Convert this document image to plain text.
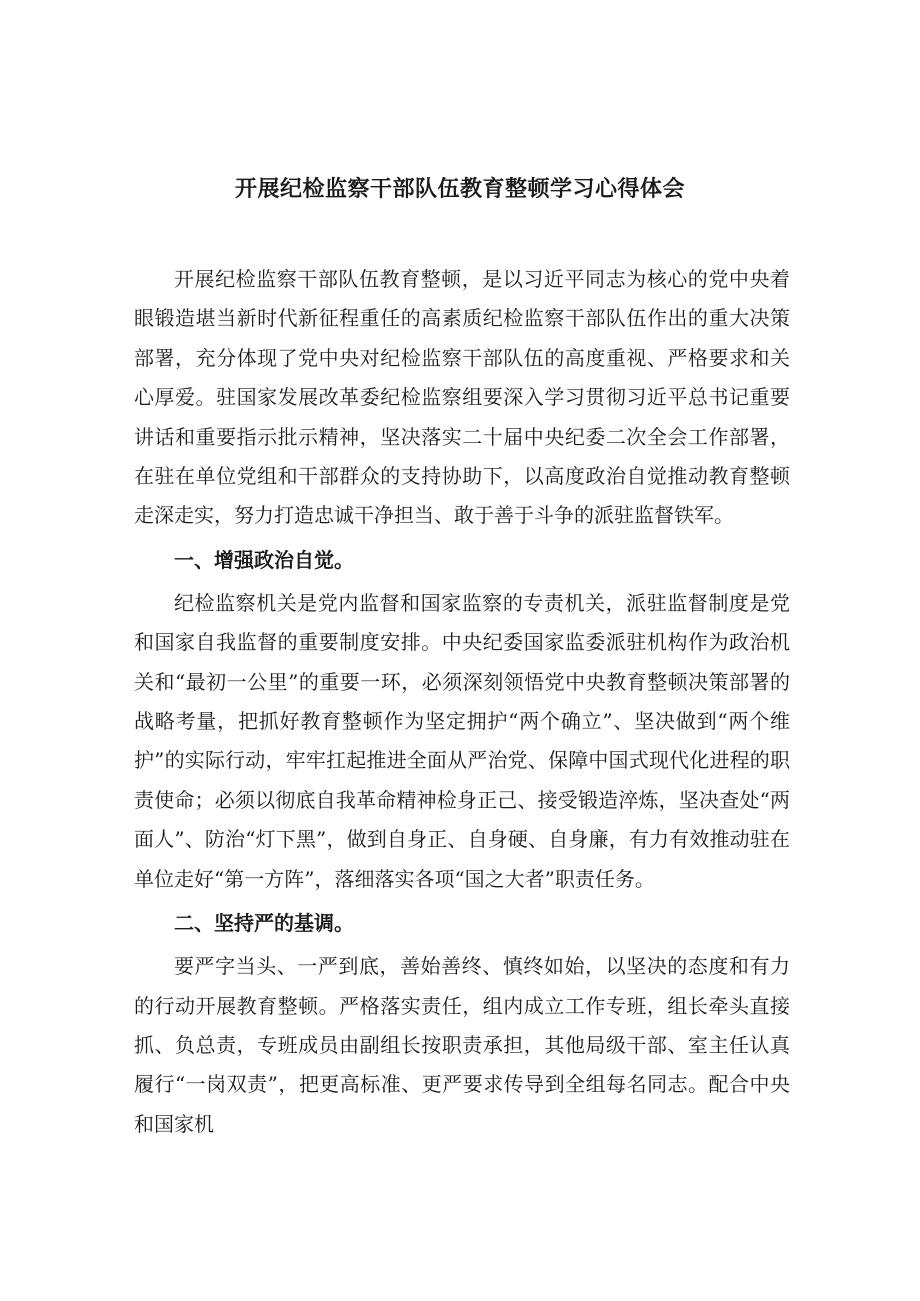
开展纪检监察干部队伍教育整顿学习心得体会

开展纪检监察干部队伍教育整顿，是以习近平同志为核心的党中央着眼锻造堪当新时代新征程重任的高素质纪检监察干部队伍作出的重大决策部署，充分体现了党中央对纪检监察干部队伍的高度重视、严格要求和关心厚爱。驻国家发展改革委纪检监察组要深入学习贯彻习近平总书记重要讲话和重要指示批示精神，坚决落实二十届中央纪委二次全会工作部署，在驻在单位党组和干部群众的支持协助下，以高度政治自觉推动教育整顿走深走实，努力打造忠诚干净担当、敢于善于斗争的派驻监督铁军。

一、增强政治自觉。

纪检监察机关是党内监督和国家监察的专责机关，派驻监督制度是党和国家自我监督的重要制度安排。中央纪委国家监委派驻机构作为政治机关和“最初一公里”的重要一环，必须深刻领悟党中央教育整顿决策部署的战略考量，把抓好教育整顿作为坚定拥护“两个确立”、坚决做到“两个维护”的实际行动，牢牢扛起推进全面从严治党、保障中国式现代化进程的职责使命；必须以彻底自我革命精神检身正己、接受锻造淬炼，坚决查处“两面人”、防治“灯下黑”，做到自身正、自身硬、自身廉，有力有效推动驻在单位走好“第一方阵”，落细落实各项“国之大者”职责任务。

二、坚持严的基调。

要严字当头、一严到底，善始善终、慎终如始，以坚决的态度和有力的行动开展教育整顿。严格落实责任，组内成立工作专班，组长牵头直接抓、负总责，专班成员由副组长按职责承担，其他局级干部、室主任认真履行“一岗双责”，把更高标准、更严要求传导到全组每名同志。配合中央和国家机
